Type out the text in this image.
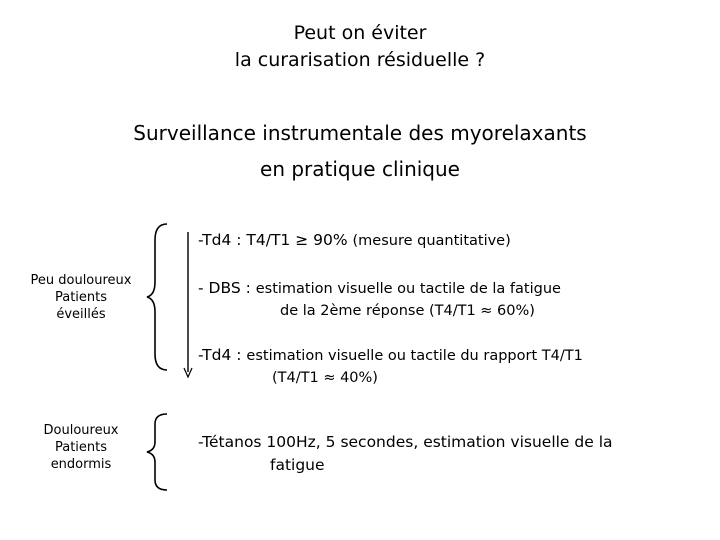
Peut on éviter
la curarisation résiduelle ?
Surveillance instrumentale des myorelaxants
en pratique clinique
Peu douloureux
Patients
éveillés
Douloureux
Patients
endormis
-Td4 : T4/T1 ≥ 90% (mesure quantitative)
- DBS : estimation visuelle ou tactile de la fatigue
de la 2ème réponse (T4/T1 ≈ 60%)
-Td4 : estimation visuelle ou tactile du rapport T4/T1
(T4/T1 ≈ 40%)
-Tétanos 100Hz, 5 secondes, estimation visuelle de la
fatigue
